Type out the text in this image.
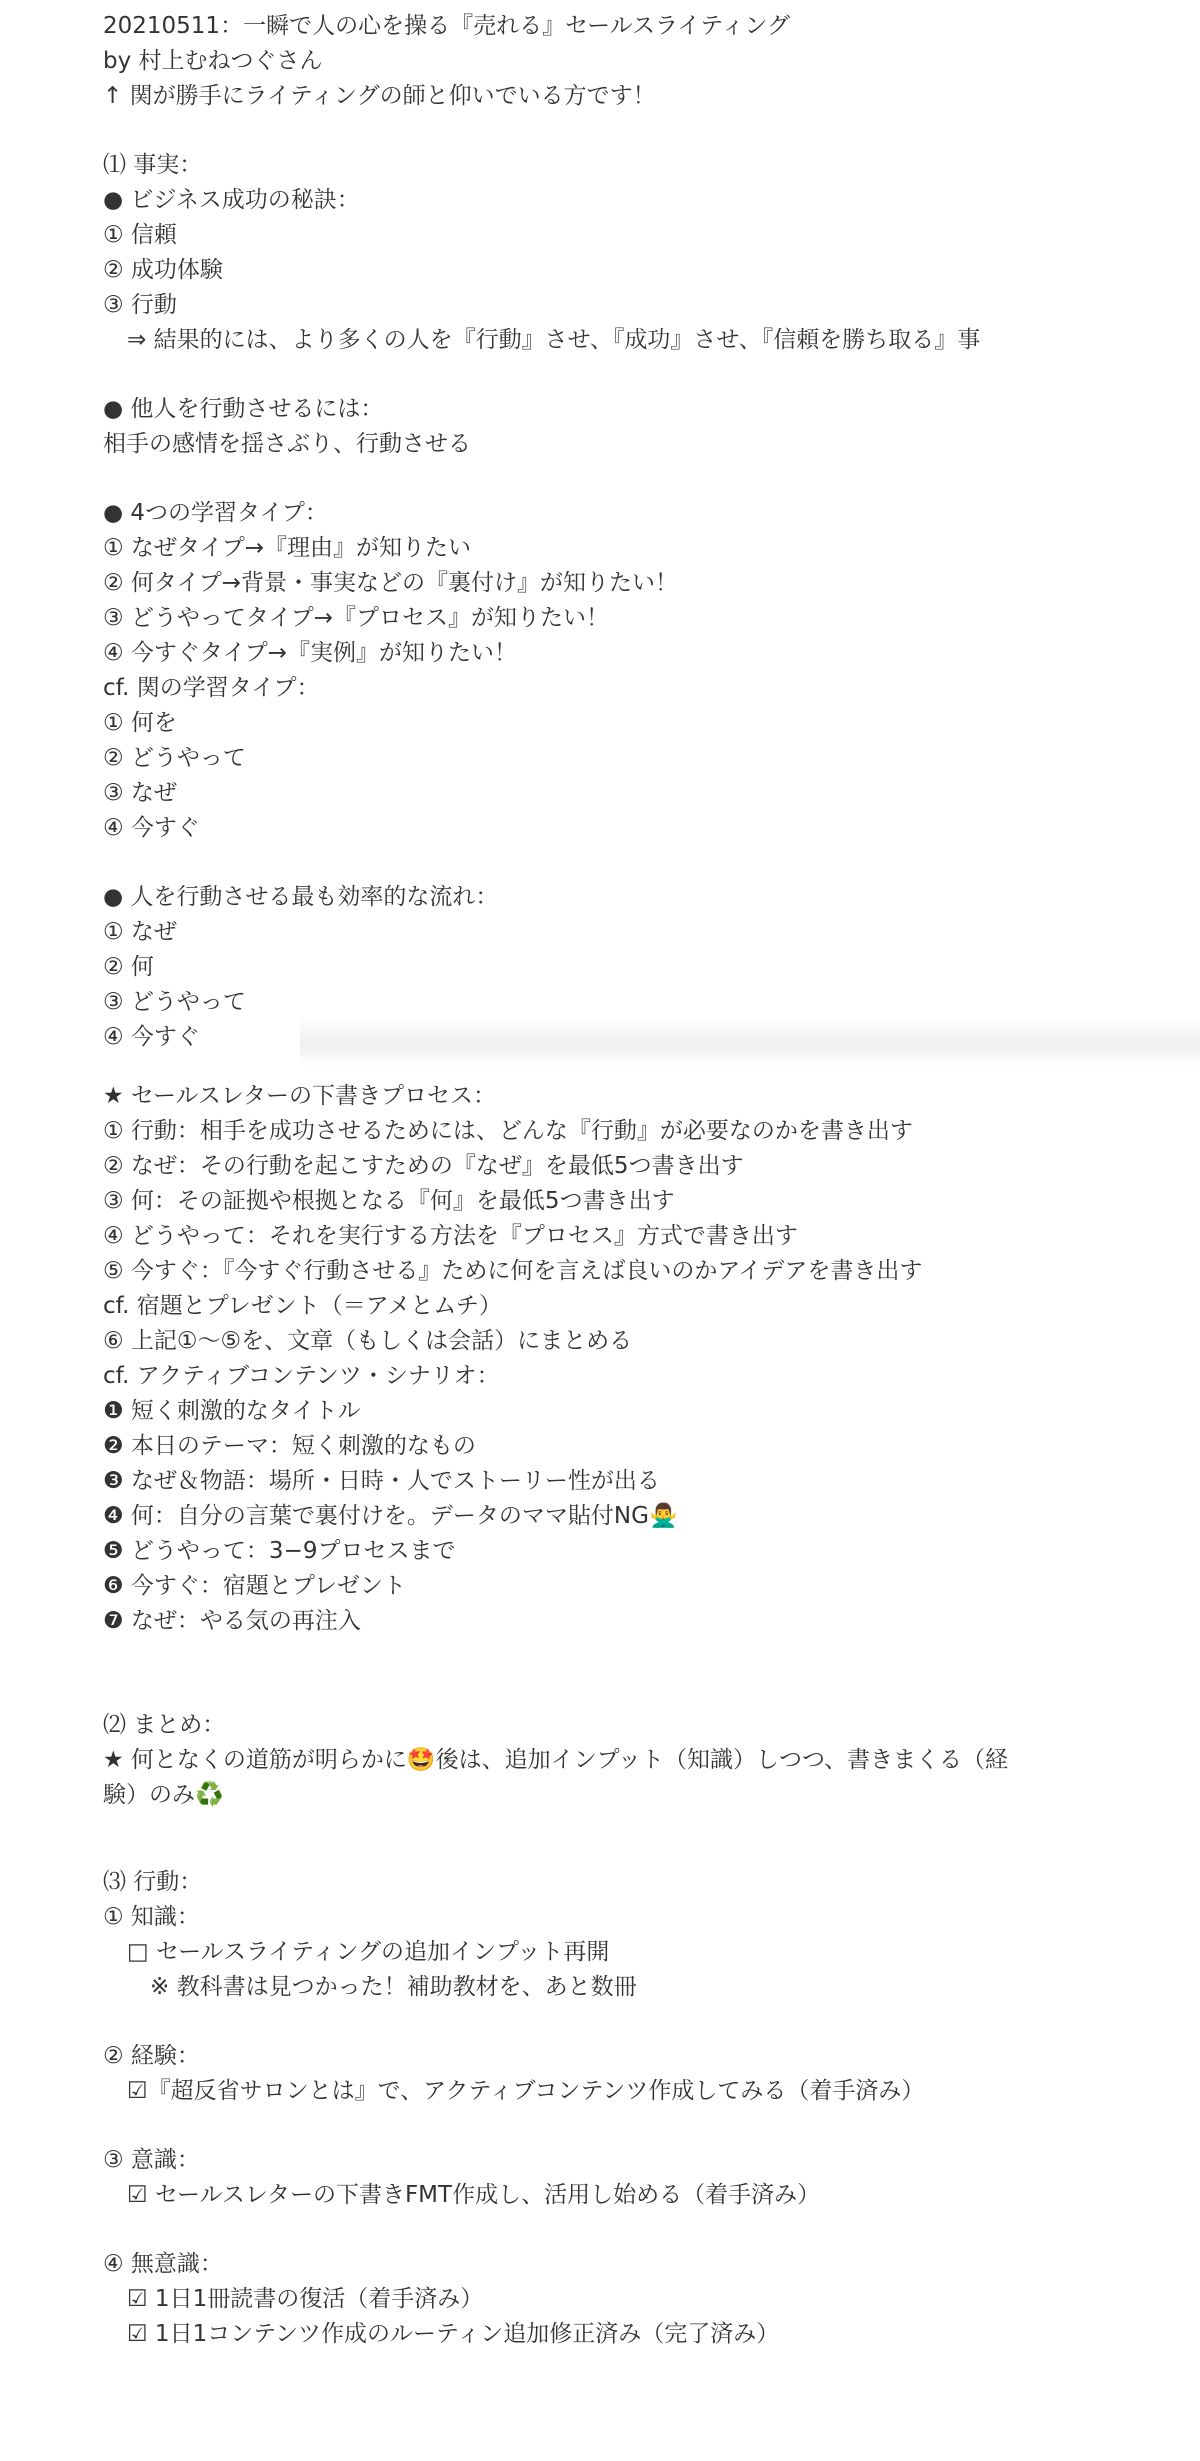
20210511：一瞬で人の心を操る『売れる』セールスライティング
by 村上むねつぐさん
↑ 関が勝手にライティングの師と仰いでいる方です！
⑴ 事実：
● ビジネス成功の秘訣：
① 信頼
② 成功体験
③ 行動
⇒ 結果的には、より多くの人を『行動』させ、『成功』させ、『信頼を勝ち取る』事
● 他人を行動させるには：
相手の感情を揺さぶり、行動させる
● 4つの学習タイプ：
① なぜタイプ→『理由』が知りたい
② 何タイプ→背景・事実などの『裏付け』が知りたい！
③ どうやってタイプ→『プロセス』が知りたい！
④ 今すぐタイプ→『実例』が知りたい！
cf. 関の学習タイプ：
① 何を
② どうやって
③ なぜ
④ 今すぐ
● 人を行動させる最も効率的な流れ：
① なぜ
② 何
③ どうやって
④ 今すぐ
★ セールスレターの下書きプロセス：
① 行動：相手を成功させるためには、どんな『行動』が必要なのかを書き出す
② なぜ：その行動を起こすための『なぜ』を最低5つ書き出す
③ 何：その証拠や根拠となる『何』を最低5つ書き出す
④ どうやって：それを実行する方法を『プロセス』方式で書き出す
⑤ 今すぐ：『今すぐ行動させる』ために何を言えば良いのかアイデアを書き出す
cf. 宿題とプレゼント（＝アメとムチ）
⑥ 上記①〜⑤を、文章（もしくは会話）にまとめる
cf. アクティブコンテンツ・シナリオ：
❶ 短く刺激的なタイトル
❷ 本日のテーマ：短く刺激的なもの
❸ なぜ＆物語：場所・日時・人でストーリー性が出る
❹ 何：自分の言葉で裏付けを。データのママ貼付NG🙅‍♂️
❺ どうやって：3−9プロセスまで
❻ 今すぐ：宿題とプレゼント
❼ なぜ：やる気の再注入
⑵ まとめ：
★ 何となくの道筋が明らかに🤩後は、追加インプット（知識）しつつ、書きまくる（経
験）のみ♻️
⑶ 行動：
① 知識：
□ セールスライティングの追加インプット再開
※ 教科書は見つかった！補助教材を、あと数冊
② 経験：
☑『超反省サロンとは』で、アクティブコンテンツ作成してみる（着手済み）
③ 意識：
☑ セールスレターの下書きFMT作成し、活用し始める（着手済み）
④ 無意識：
☑ 1日1冊読書の復活（着手済み）
☑ 1日1コンテンツ作成のルーティン追加修正済み（完了済み）
